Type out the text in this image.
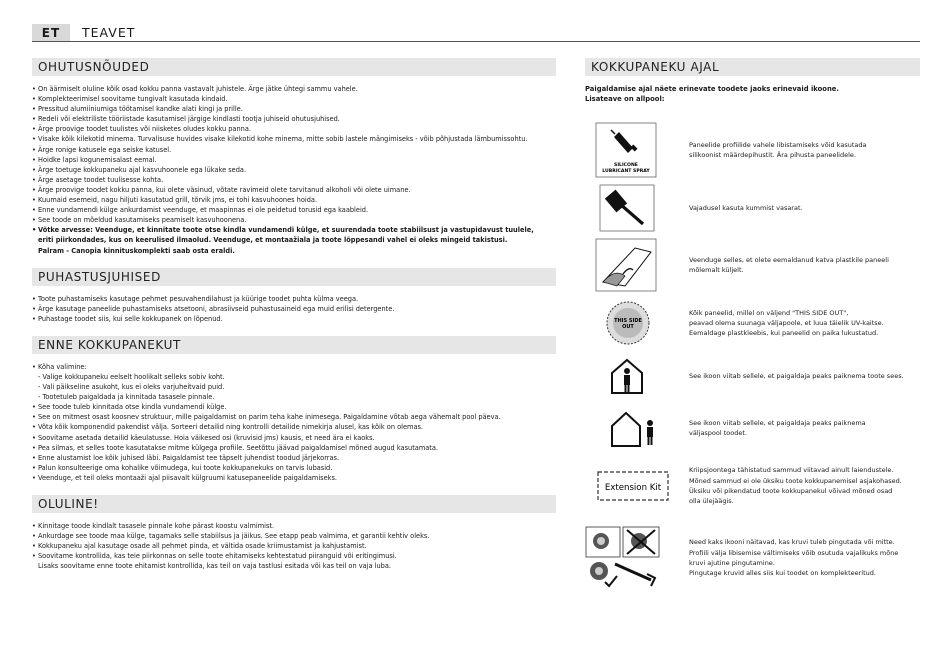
ET	TEAVET
OHUTUSNÕUDED
• On äärmiselt oluline kõik osad kokku panna vastavalt juhistele. Ärge jätke ühtegi sammu vahele.
• Komplekteerimisel soovitame tungivalt kasutada kindaid.
• Pressitud alumiiniumiga töötamisel kandke alati kingi ja prille.
• Redeli või elektriliste tööriistade kasutamisel järgige kindlasti tootja juhiseid ohutusjuhised.
• Ärge proovige toodet tuulistes või niisketes oludes kokku panna.
• Visake kõik kilekotid minema. Turvalisuse huvides visake kilekotid kohe minema, mitte sobib lastele mängimiseks - võib põhjustada lämbumissohtu.
• Ärge ronige katusele ega seiske katusel.
• Hoidke lapsi kogunemisalast eemal.
• Ärge toetuge kokkupaneku ajal kasvuhoonele ega lükake seda.
• Ärge asetage toodet tuulisesse kohta.
• Ärge proovige toodet kokku panna, kui olete väsinud, võtate ravimeid olete tarvitanud alkoholi või olete uimane.
• Kuumaid esemeid, nagu hiljuti kasutatud grill, tõrvik jms, ei tohi kasvuhoones hoida.
• Enne vundamendi külge ankurdamist veenduge, et maapinnas ei ole peidetud torusid ega kaableid.
• See toode on mõeldud kasutamiseks peamiselt kasvuhoonena.
• Võtke arvesse: Veenduge, et kinnitate toote otse kindla vundamendi külge, et suurendada toote stabiilsust ja vastupidavust tuulele,
eriti piirkondades, kus on keerulised ilmaolud. Veenduge, et montaažiala ja toote lõppesandi vahel ei oleks mingeid takistusi.
Palram - Canopia kinnituskomplekti saab osta eraldi.
PUHASTUSJUHISED
• Toote puhastamiseks kasutage pehmet pesuvahendilahust ja küürige toodet puhta külma veega.
• Ärge kasutage paneelide puhastamiseks atsetooni, abrasiivseid puhastusaineid ega muid erilisi detergente.
• Puhastage toodet siis, kui selle kokkupanek on lõpenud.
ENNE KOKKUPANEKUT
• Kõha valimine:
- Valige kokkupaneku eelselt hoolikalt selleks sobiv koht.
- Vali päikseline asukoht, kus ei oleks varjuheitvaid puid.
- Tootetuleb paigaldada ja kinnitada tasasele pinnale.
• See toode tuleb kinnitada otse kindla vundamendi külge.
• See on mitmest osast koosnev struktuur, mille paigaldamist on parim teha kahe inimesega. Paigaldamine võtab aega vähemalt pool päeva.
• Võta kõik komponendid pakendist välja. Sorteeri detailid ning kontrolli detailide nimekirja alusel, kas kõik on olemas.
• Soovitame asetada detailid käeulatusse. Hoia väikesed osi (kruvisid jms) kausis, et need ära ei kaoks.
• Pea silmas, et selles toote kasutatakse mitme külgega profiile. Seetõttu jäävad paigaldamisel mõned augud kasutamata.
• Enne alustamist loe kõik juhised läbi. Paigaldamist tee täpselt juhendist toodud järjekorras.
• Palun konsulteerige oma kohalike võimudega, kui toote kokkupanekuks on tarvis lubasid.
• Veenduge, et teil oleks montaaži ajal piisavalt külgruumi katusepaneelide paigaldamiseks.
OLULINE!
• Kinnitage toode kindlalt tasasele pinnale kohe pärast koostu valmimist.
• Ankurdage see toode maa külge, tagamaks selle stabiilsus ja jäikus. See etapp peab valmima, et garantii kehtiv oleks.
• Kokkupaneku ajal kasutage osade all pehmet pinda, et vältida osade kriimustamist ja kahjustamist.
• Soovitame kontrollida, kas teie piirkonnas on selle toote ehitamiseks kehtestatud piiranguid või eritingimusi.
Lisaks soovitame enne toote ehitamist kontrollida, kas teil on vaja tastlusi esitada või kas teil on vaja luba.
KOKKUPANEKU AJAL
Paigaldamise ajal näete erinevate toodete jaoks erinevaid ikoone.
Lisateave on allpool:
SILICONE
LUBRICANT SPRAY
Paneelide profiilide vahele libistamiseks võid kasutada
silikoonist määrdepihustit. Ära pihusta paneelidele.
Vajadusel kasuta kummist vasarat.
Veenduge selles, et olete eemaldanud katva plastkile paneeli
mõlemalt küljelt.
THIS SIDE
OUT
Kõik paneelid, millel on väljend "THIS SIDE OUT",
peavad olema suunaga väljapoole, et luua täielik UV-kaitse.
Eemaldage plastkleebis, kui paneelid on paika lukustatud.
See ikoon viitab sellele, et paigaldaja peaks paiknema toote sees.
See ikoon viitab sellele, et paigaldaja peaks paiknema
väljaspool toodet.
Extension Kit
Kriipsjoontega tähistatud sammud viitavad ainult laiendustele.
Mõned sammud ei ole üksiku toote kokkupanemisel asjakohased.
Üksiku või pikendatud toote kokkupanekul võivad mõned osad
olla ülejäägis.
Need kaks ikooni näitavad, kas kruvi tuleb pingutada või mitte.
Profiili välja libisemise vältimiseks võib osutuda vajalikuks mõne
kruvi ajutine pingutamine.
Pingutage kruvid alles siis kui toodet on komplekteeritud.
